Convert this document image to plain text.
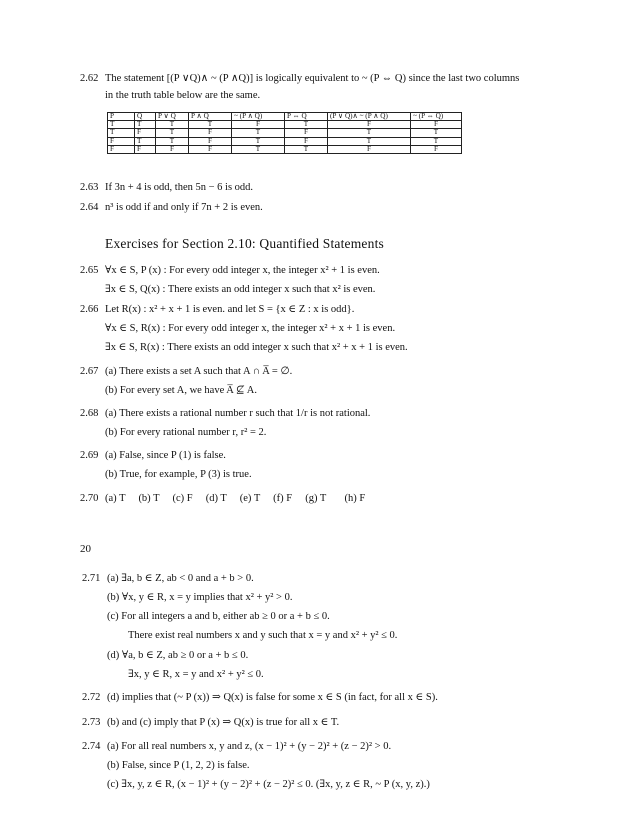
2.62 The statement [(P ∨Q)∧ ~ (P ∧Q)] is logically equivalent to ~ (P ⇔ Q) since the last two columns
in the truth table below are the same.
P	Q	P ∨ Q	P ∧ Q	~ (P ∧ Q)	P ⇔ Q	(P ∨ Q)∧ ~ (P ∧ Q)	~ (P ⇔ Q)
T	T	T	T	F	T	F	F
T	F	T	F	T	F	T	T
F	T	T	F	T	F	T	T
F	F	F	F	T	T	F	F
2.63 If 3n + 4 is odd, then 5n − 6 is odd.
2.64 n³ is odd if and only if 7n + 2 is even.
Exercises for Section 2.10: Quantified Statements
2.65 ∀x ∈ S, P (x) : For every odd integer x, the integer x² + 1 is even.
∃x ∈ S, Q(x) : There exists an odd integer x such that x² is even.
2.66 Let R(x) : x² + x + 1 is even. and let S = {x ∈ Z : x is odd}.
∀x ∈ S, R(x) : For every odd integer x, the integer x² + x + 1 is even.
∃x ∈ S, R(x) : There exists an odd integer x such that x² + x + 1 is even.
2.67 (a) There exists a set A such that A ∩ A̅ = ∅.
(b) For every set A, we have A̅ ⊈ A.
2.68 (a) There exists a rational number r such that 1/r is not rational.
(b) For every rational number r, r² = 2.
2.69 (a) False, since P (1) is false.
(b) True, for example, P (3) is true.
2.70 (a) T     (b) T     (c) F     (d) T     (e) T     (f) F     (g) T       (h) F
20
2.71 (a) ∃a, b ∈ Z, ab < 0 and a + b > 0.
(b) ∀x, y ∈ R, x = y implies that x² + y² > 0.
(c) For all integers a and b, either ab ≥ 0 or a + b ≤ 0.
There exist real numbers x and y such that x = y and x² + y² ≤ 0.
(d) ∀a, b ∈ Z, ab ≥ 0 or a + b ≤ 0.
∃x, y ∈ R, x = y and x² + y² ≤ 0.
2.72 (d) implies that (~ P (x)) ⇒ Q(x) is false for some x ∈ S (in fact, for all x ∈ S).
2.73 (b) and (c) imply that P (x) ⇒ Q(x) is true for all x ∈ T.
2.74 (a) For all real numbers x, y and z, (x − 1)² + (y − 2)² + (z − 2)² > 0.
(b) False, since P (1, 2, 2) is false.
(c) ∃x, y, z ∈ R, (x − 1)² + (y − 2)² + (z − 2)² ≤ 0. (∃x, y, z ∈ R, ~ P (x, y, z).)
